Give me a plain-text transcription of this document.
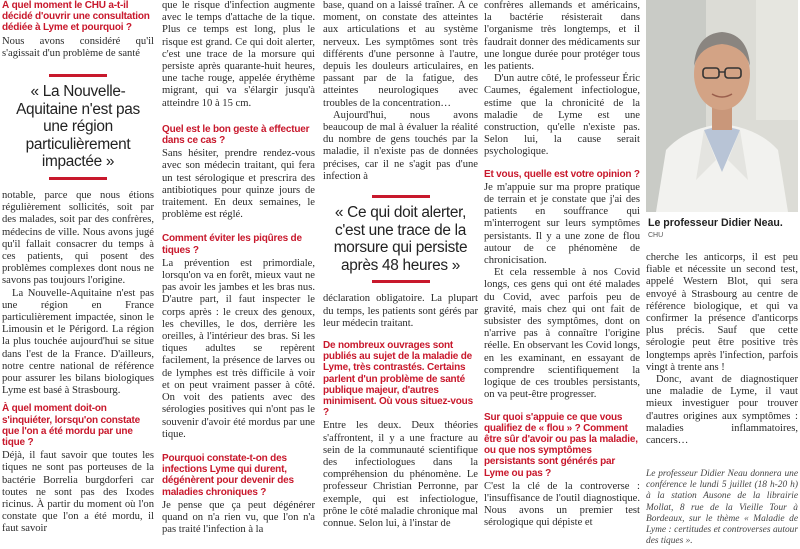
À quel moment le CHU a-t-il décidé d'ouvrir une consultation dédiée à Lyme et pourquoi ?

Nous avons considéré qu'il s'agissait d'un problème de santé

« La Nouvelle-Aquitaine n'est pas une région particulièrement impactée »

notable, parce que nous étions régulièrement sollicités, soit par des malades, soit par des confrères, médecins de ville. Nous avons jugé qu'il fallait consacrer du temps à ces patients, qui posent des problèmes complexes dont nous ne savons pas toujours l'origine.

La Nouvelle-Aquitaine n'est pas une région en France particulièrement impactée, sinon le Limousin et le Périgord. La région la plus touchée aujourd'hui se situe dans l'est de la France. D'ailleurs, notre centre national de référence pour assurer les bilans biologiques Lyme est basé à Strasbourg.

À quel moment doit-on s'inquiéter, lorsqu'on constate que l'on a été mordu par une tique ?

Déjà, il faut savoir que toutes les tiques ne sont pas porteuses de la bactérie Borrelia burgdorferi car toutes ne sont pas des Ixodes ricinus. À partir du moment où l'on constate que l'on a été mordu, il faut savoir

que le risque d'infection augmente avec le temps d'attache de la tique. Plus ce temps est long, plus le risque est grand. Ce qui doit alerter, c'est une trace de la morsure qui persiste après quarante-huit heures, une tache rouge, appelée érythème migrant, qui va s'élargir jusqu'à atteindre 10 à 15 cm.

Quel est le bon geste à effectuer dans ce cas ?

Sans hésiter, prendre rendez-vous avec son médecin traitant, qui fera un test sérologique et prescrira des antibiotiques pour quinze jours de traitement. En deux semaines, le problème est réglé.

Comment éviter les piqûres de tiques ?

La prévention est primordiale, lorsqu'on va en forêt, mieux vaut ne pas avoir les jambes et les bras nus. D'autre part, il faut inspecter le corps après : le creux des genoux, les chevilles, le dos, derrière les oreilles, à l'intérieur des bras. Si les tiques adultes se repèrent facilement, la présence de larves ou de lymphes est très difficile à voir et on peut vraiment passer à côté. On voit des patients avec des sérologies positives qui n'ont pas le souvenir d'avoir été mordus par une tique.

Pourquoi constate-t-on des infections Lyme qui durent, dégénèrent pour devenir des maladies chroniques ?

Je pense que ça peut dégénérer quand on n'a rien vu, que l'on n'a pas traité l'infection à la

base, quand on a laissé traîner. À ce moment, on constate des atteintes aux articulations et au système nerveux. Les symptômes sont très différents d'une personne à l'autre, depuis les douleurs articulaires, en passant par de la fatigue, des atteintes neurologiques avec troubles de la concentration…

Aujourd'hui, nous avons beaucoup de mal à évaluer la réalité du nombre de gens touchés par la maladie, il n'existe pas de données précises, car il ne s'agit pas d'une infection à

« Ce qui doit alerter, c'est une trace de la morsure qui persiste après 48 heures »

déclaration obligatoire. La plupart du temps, les patients sont gérés par leur médecin traitant.

De nombreux ouvrages sont publiés au sujet de la maladie de Lyme, très contrastés. Certains parlent d'un problème de santé publique majeur, d'autres minimisent. Où vous situez-vous ?

Entre les deux. Deux théories s'affrontent, il y a une fracture au sein de la communauté scientifique des infectiologues dans la compréhension du phénomène. Le professeur Christian Perronne, par exemple, qui est infectiologue, prône le côté maladie chronique mal connue. Selon lui, à l'instar de

confrères allemands et américains, la bactérie résisterait dans l'organisme très longtemps, et il faudrait donner des médicaments sur une longue durée pour protéger tous les patients.

D'un autre côté, le professeur Éric Caumes, également infectiologue, estime que la chronicité de la maladie de Lyme est une construction, qu'elle n'existe pas. Selon lui, la cause serait psychologique.

Et vous, quelle est votre opinion ?

Je m'appuie sur ma propre pratique de terrain et je constate que j'ai des patients en souffrance qui m'interrogent sur leurs symptômes persistants. Il y a une zone de flou autour de ce phénomène de chronicisation.

Et cela ressemble à nos Covid longs, ces gens qui ont été malades du Covid, avec parfois peu de gravité, mais chez qui ont fait de subsister des symptômes, dont on n'arrive pas à connaître l'origine réelle. En observant les Covid longs, en les examinant, en essayant de comprendre scientifiquement la logique de ces troubles persistants, on va peut-être progresser.

Sur quoi s'appuie ce que vous qualifiez de « flou » ? Comment être sûr d'avoir ou pas la maladie, ou que nos symptômes persistants sont générés par Lyme ou pas ?

C'est la clé de la controverse : l'insuffisance de l'outil diagnostique. Nous avons un premier test sérologique qui dépiste et

Le professeur Didier Neau.
CHU

cherche les anticorps, il est peu fiable et nécessite un second test, appelé Western Blot, qui sera envoyé à Strasbourg au centre de référence biologique, et qui va confirmer la présence d'anticorps plus précis. Sauf que cette sérologie peut être positive très longtemps après l'infection, parfois vingt à trente ans !

Donc, avant de diagnostiquer une maladie de Lyme, il vaut mieux investiguer pour trouver d'autres origines aux symptômes : maladies inflammatoires, cancers…

Le professeur Didier Neau donnera une conférence le lundi 5 juillet (18 h-20 h) à la station Ausone de la librairie Mollat, 8 rue de la Vieille Tour à Bordeaux, sur le thème « Maladie de Lyme : certitudes et controverses autour des tiques ».
